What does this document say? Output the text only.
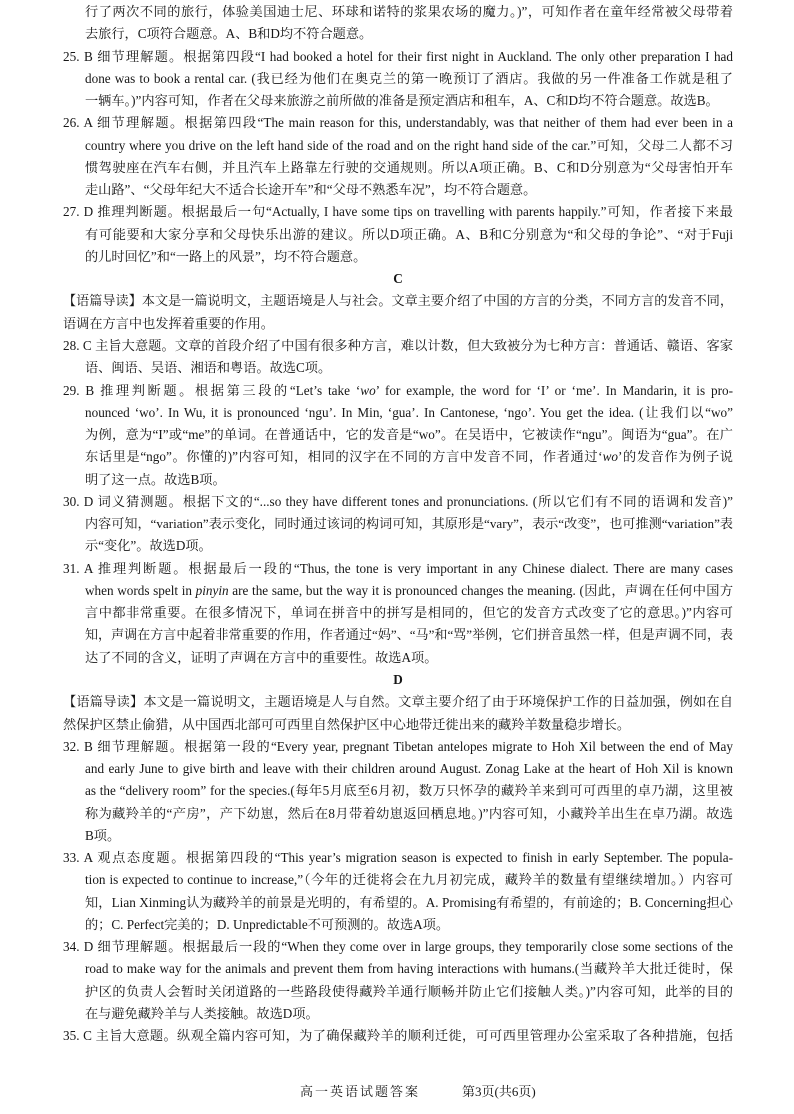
行了两次不同的旅行，体验美国迪士尼、环球和诺特的浆果农场的魔力。)”，可知作者在童年经常被父母带着
去旅行，C项符合题意。A、B和D均不符合题意。
25. B 细节理解题。根据第四段“I had booked a hotel for their first night in Auckland. The only other preparation I had
done was to book a rental car. (我已经为他们在奥克兰的第一晚预订了酒店。我做的另一件准备工作就是租了
一辆车。)”内容可知，作者在父母来旅游之前所做的准备是预定酒店和租车，A、C和D均不符合题意。故选B。
26. A 细节理解题。根据第四段“The main reason for this, understandably, was that neither of them had ever been in a
country where you drive on the left hand side of the road and on the right hand side of the car.”可知，父母二人都不习
惯驾驶座在汽车右侧，并且汽车上路靠左行驶的交通规则。所以A项正确。B、C和D分别意为“父母害怕开车
走山路”、“父母年纪大不适合长途开车”和“父母不熟悉车况”，均不符合题意。
27. D 推理判断题。根据最后一句“Actually, I have some tips on travelling with parents happily.”可知，作者接下来最
有可能要和大家分享和父母快乐出游的建议。所以D项正确。A、B和C分别意为“和父母的争论”、“对于Fuji
的儿时回忆”和“一路上的风景”，均不符合题意。
C
【语篇导读】本文是一篇说明文，主题语境是人与社会。文章主要介绍了中国的方言的分类，不同方言的发音不同，
语调在方言中也发挥着重要的作用。
28. C 主旨大意题。文章的首段介绍了中国有很多种方言，难以计数，但大致被分为七种方言：普通话、赣语、客家
语、闽语、吴语、湘语和粤语。故选C项。
29. B 推理判断题。根据第三段的“Let’s take ‘wo’ for example, the word for ‘I’ or ‘me’. In Mandarin, it is pro-
nounced ‘wo’. In Wu, it is pronounced ‘ngu’. In Min, ‘gua’. In Cantonese, ‘ngo’. You get the idea. (让我们以“wo”
为例，意为“I”或“me”的单词。在普通话中，它的发音是“wo”。在吴语中，它被读作“ngu”。闽语为“gua”。在广
东话里是“ngo”。你懂的)”内容可知，相同的汉字在不同的方言中发音不同，作者通过‘wo’的发音作为例子说
明了这一点。故选B项。
30. D 词义猜测题。根据下文的“...so they have different tones and pronunciations. (所以它们有不同的语调和发音)”
内容可知，“variation”表示变化，同时通过该词的构词可知，其原形是“vary”，表示“改变”，也可推测“variation”表
示“变化”。故选D项。
31. A 推理判断题。根据最后一段的“Thus, the tone is very important in any Chinese dialect. There are many cases
when words spelt in pinyin are the same, but the way it is pronounced changes the meaning. (因此，声调在任何中国方
言中都非常重要。在很多情况下，单词在拼音中的拼写是相同的，但它的发音方式改变了它的意思。)”内容可
知，声调在方言中起着非常重要的作用，作者通过“妈”、“马”和“骂”举例，它们拼音虽然一样，但是声调不同，表
达了不同的含义，证明了声调在方言中的重要性。故选A项。
D
【语篇导读】本文是一篇说明文，主题语境是人与自然。文章主要介绍了由于环境保护工作的日益加强，例如在自
然保护区禁止偷猎，从中国西北部可可西里自然保护区中心地带迁徙出来的藏羚羊数量稳步增长。
32. B 细节理解题。根据第一段的“Every year, pregnant Tibetan antelopes migrate to Hoh Xil between the end of May
and early June to give birth and leave with their children around August. Zonag Lake at the heart of Hoh Xil is known
as the “delivery room” for the species.(每年5月底至6月初，数万只怀孕的藏羚羊来到可可西里的卓乃湖，这里被
称为藏羚羊的“产房”，产下幼崽，然后在8月带着幼崽返回栖息地。)”内容可知，小藏羚羊出生在卓乃湖。故选
B项。
33. A 观点态度题。根据第四段的“This year’s migration season is expected to finish in early September. The popula-
tion is expected to continue to increase,”（今年的迁徙将会在九月初完成，藏羚羊的数量有望继续增加。）内容可
知，Lian Xinming认为藏羚羊的前景是光明的，有希望的。A. Promising有希望的，有前途的；B. Concerning担心
的；C. Perfect完美的；D. Unpredictable不可预测的。故选A项。
34. D 细节理解题。根据最后一段的“When they come over in large groups, they temporarily close some sections of the
road to make way for the animals and prevent them from having interactions with humans.(当藏羚羊大批迁徙时，保
护区的负责人会暂时关闭道路的一些路段使得藏羚羊通行顺畅并防止它们接触人类。)”内容可知，此举的目的
在与避免藏羚羊与人类接触。故选D项。
35. C 主旨大意题。纵观全篇内容可知，为了确保藏羚羊的顺利迁徙，可可西里管理办公室采取了各种措施，包括
高一英语试题答案	第3页(共6页)
